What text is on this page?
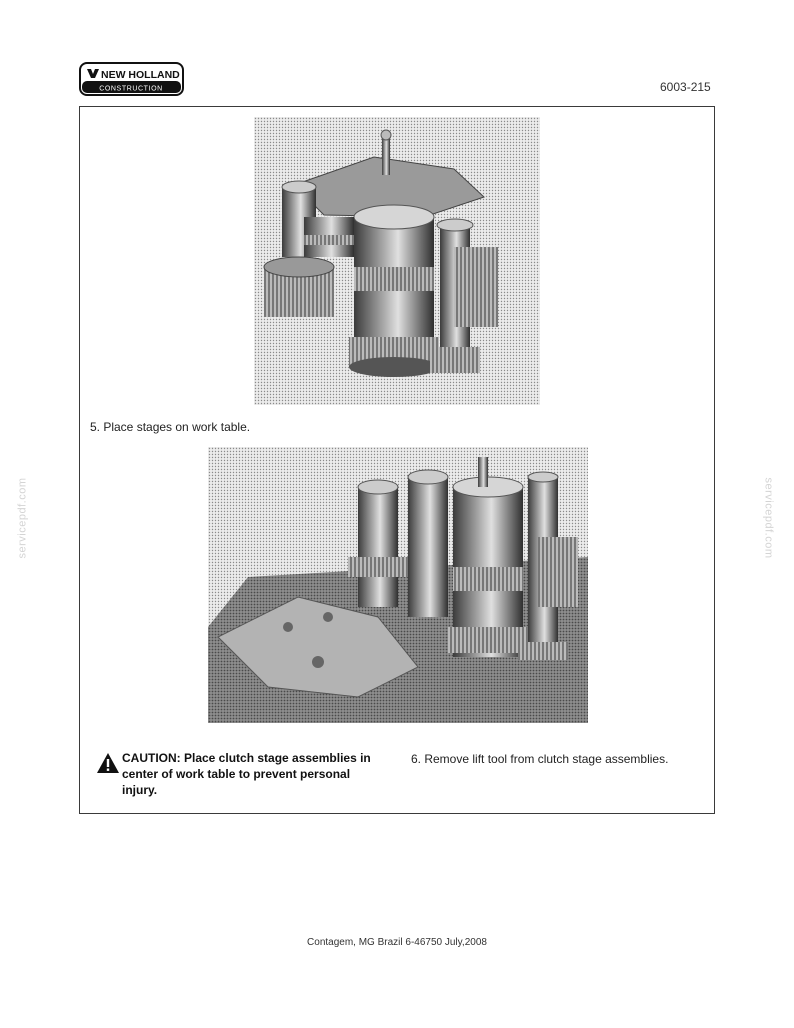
NEW HOLLAND
CONSTRUCTION	6003-215
5. Place stages on work table.
CAUTION: Place clutch stage assemblies in center of work table to prevent personal injury.
6. Remove lift tool from clutch stage assemblies.
servicepdf.com	servicepdf.com
Contagem, MG Brazil 6-46750 July,2008
